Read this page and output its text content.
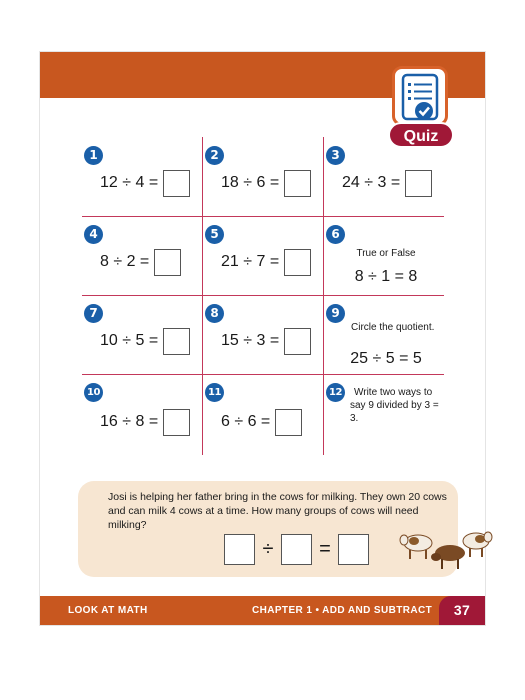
Quiz
1
12 ÷ 4 =
2
18 ÷ 6 =
3
24 ÷ 3 =
4
8 ÷ 2 =
5
21 ÷ 7 =
6
True or False
8 ÷ 1 = 8
7
10 ÷ 5 =
8
15 ÷ 3 =
9
Circle the quotient.
25 ÷ 5 = 5
10
16 ÷ 8 =
11
6 ÷ 6 =
12	Write two ways to
say 9 divided by 3 = 3.
Josi is helping her father bring in the cows for milking. They own 20 cows and can milk 4 cows at a time. How many groups of cows will need milking?
÷	=
LOOK AT MATH	CHAPTER 1 • ADD AND SUBTRACT	37
